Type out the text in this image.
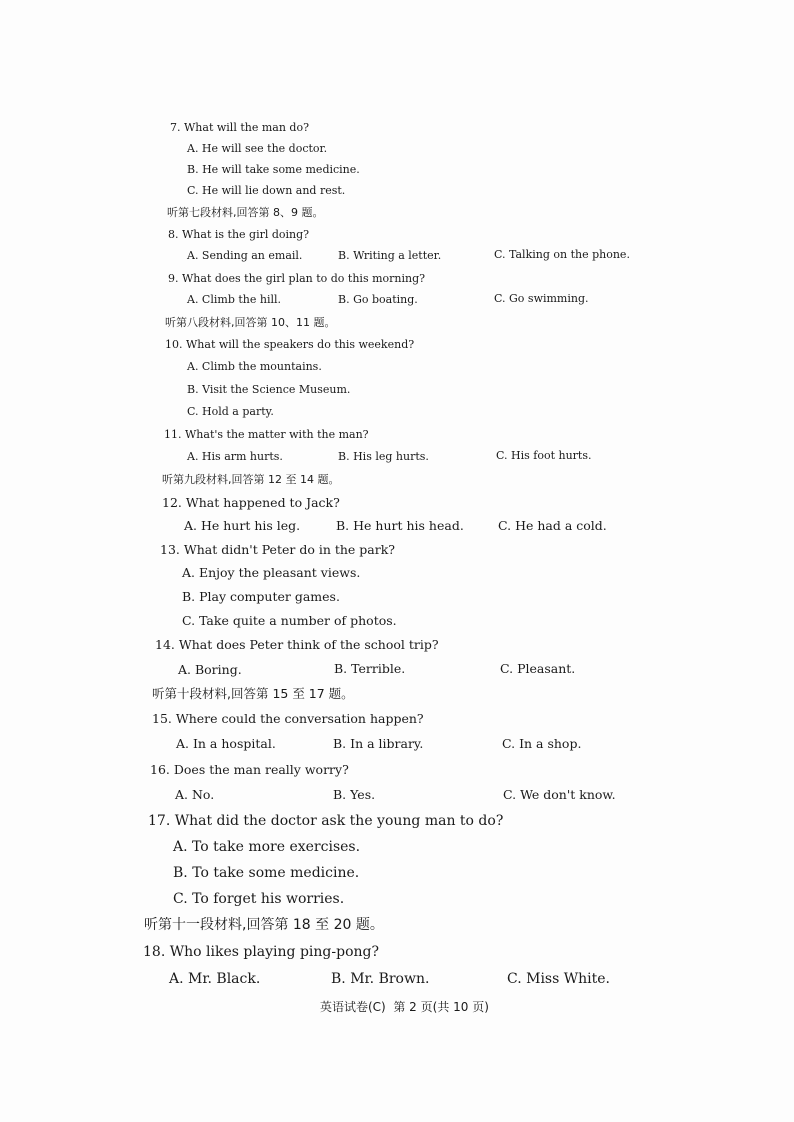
7. What will the man do?
A. He will see the doctor.
B. He will take some medicine.
C. He will lie down and rest.
听第七段材料,回答第 8、9 题。
8. What is the girl doing?
A. Sending an email.	B. Writing a letter.	C. Talking on the phone.
9. What does the girl plan to do this morning?
A. Climb the hill.	B. Go boating.	C. Go swimming.
听第八段材料,回答第 10、11 题。
10. What will the speakers do this weekend?
A. Climb the mountains.
B. Visit the Science Museum.
C. Hold a party.
11. What's the matter with the man?
A. His arm hurts.	B. His leg hurts.	C. His foot hurts.
听第九段材料,回答第 12 至 14 题。
12. What happened to Jack?
A. He hurt his leg.	B. He hurt his head.	C. He had a cold.
13. What didn't Peter do in the park?
A. Enjoy the pleasant views.
B. Play computer games.
C. Take quite a number of photos.
14. What does Peter think of the school trip?
A. Boring.	B. Terrible.	C. Pleasant.
听第十段材料,回答第 15 至 17 题。
15. Where could the conversation happen?
A. In a hospital.	B. In a library.	C. In a shop.
16. Does the man really worry?
A. No.	B. Yes.	C. We don't know.
17. What did the doctor ask the young man to do?
A. To take more exercises.
B. To take some medicine.
C. To forget his worries.
听第十一段材料,回答第 18 至 20 题。
18. Who likes playing ping-pong?
A. Mr. Black.	B. Mr. Brown.	C. Miss White.
英语试卷(C)  第 2 页(共 10 页)
